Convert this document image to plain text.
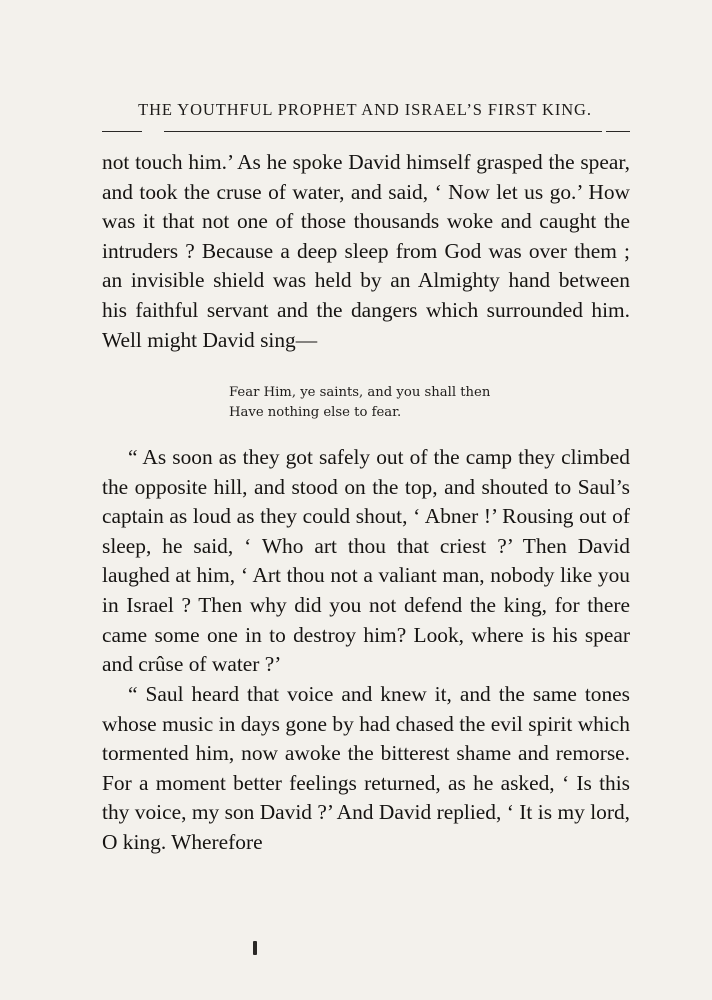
THE YOUTHFUL PROPHET AND ISRAEL’S FIRST KING.

not touch him.’ As he spoke David himself grasped the spear, and took the cruse of water, and said, ‘ Now let us go.’ How was it that not one of those thousands woke and caught the intruders ? Because a deep sleep from God was over them ; an invisible shield was held by an Almighty hand between his faithful servant and the dangers which surrounded him. Well might David sing—

Fear Him, ye saints, and you shall then
Have nothing else to fear.

“ As soon as they got safely out of the camp they climbed the opposite hill, and stood on the top, and shouted to Saul’s captain as loud as they could shout, ‘ Abner !’ Rousing out of sleep, he said, ‘ Who art thou that criest ?’ Then David laughed at him, ‘ Art thou not a valiant man, nobody like you in Israel ? Then why did you not defend the king, for there came some one in to destroy him? Look, where is his spear and crûse of water ?’

“ Saul heard that voice and knew it, and the same tones whose music in days gone by had chased the evil spirit which tormented him, now awoke the bitterest shame and remorse. For a moment better feelings returned, as he asked, ‘ Is this thy voice, my son David ?’ And David replied, ‘ It is my lord, O king. Wherefore
